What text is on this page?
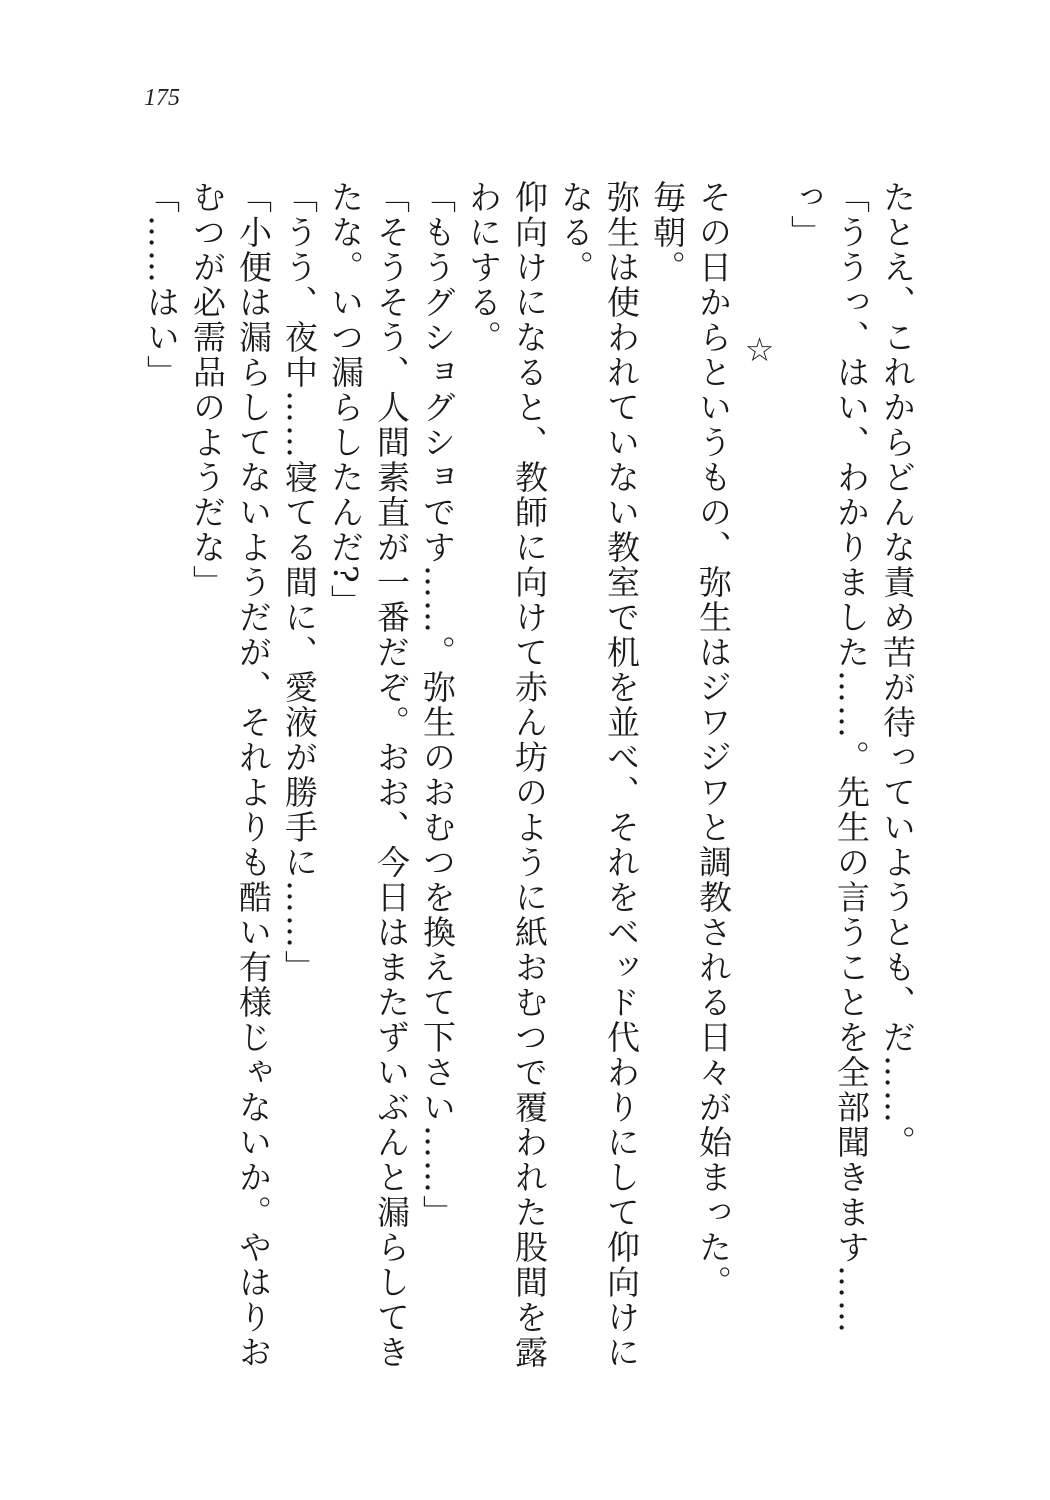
175
たとえ、これからどんな責め苦が待っていようとも、だ……。
「ううっ、はい、わかりました……。先生の言うことを全部聞きます……っ」
☆
その日からというもの、弥生はジワジワと調教される日々が始まった。
毎朝。
弥生は使われていない教室で机を並べ、それをベッド代わりにして仰向けになる。
仰向けになると、教師に向けて赤ん坊のように紙おむつで覆われた股間を露わにする。
「もうグショグショです……。弥生のおむつを換えて下さい……」
「そうそう、人間素直が一番だぞ。おお、今日はまたずいぶんと漏らしてきたな。いつ漏らしたんだ?」
「うう、夜中……寝てる間に、愛液が勝手に……」
「小便は漏らしてないようだが、それよりも酷い有様じゃないか。やはりおむつが必需品のようだな」
「……はい」
